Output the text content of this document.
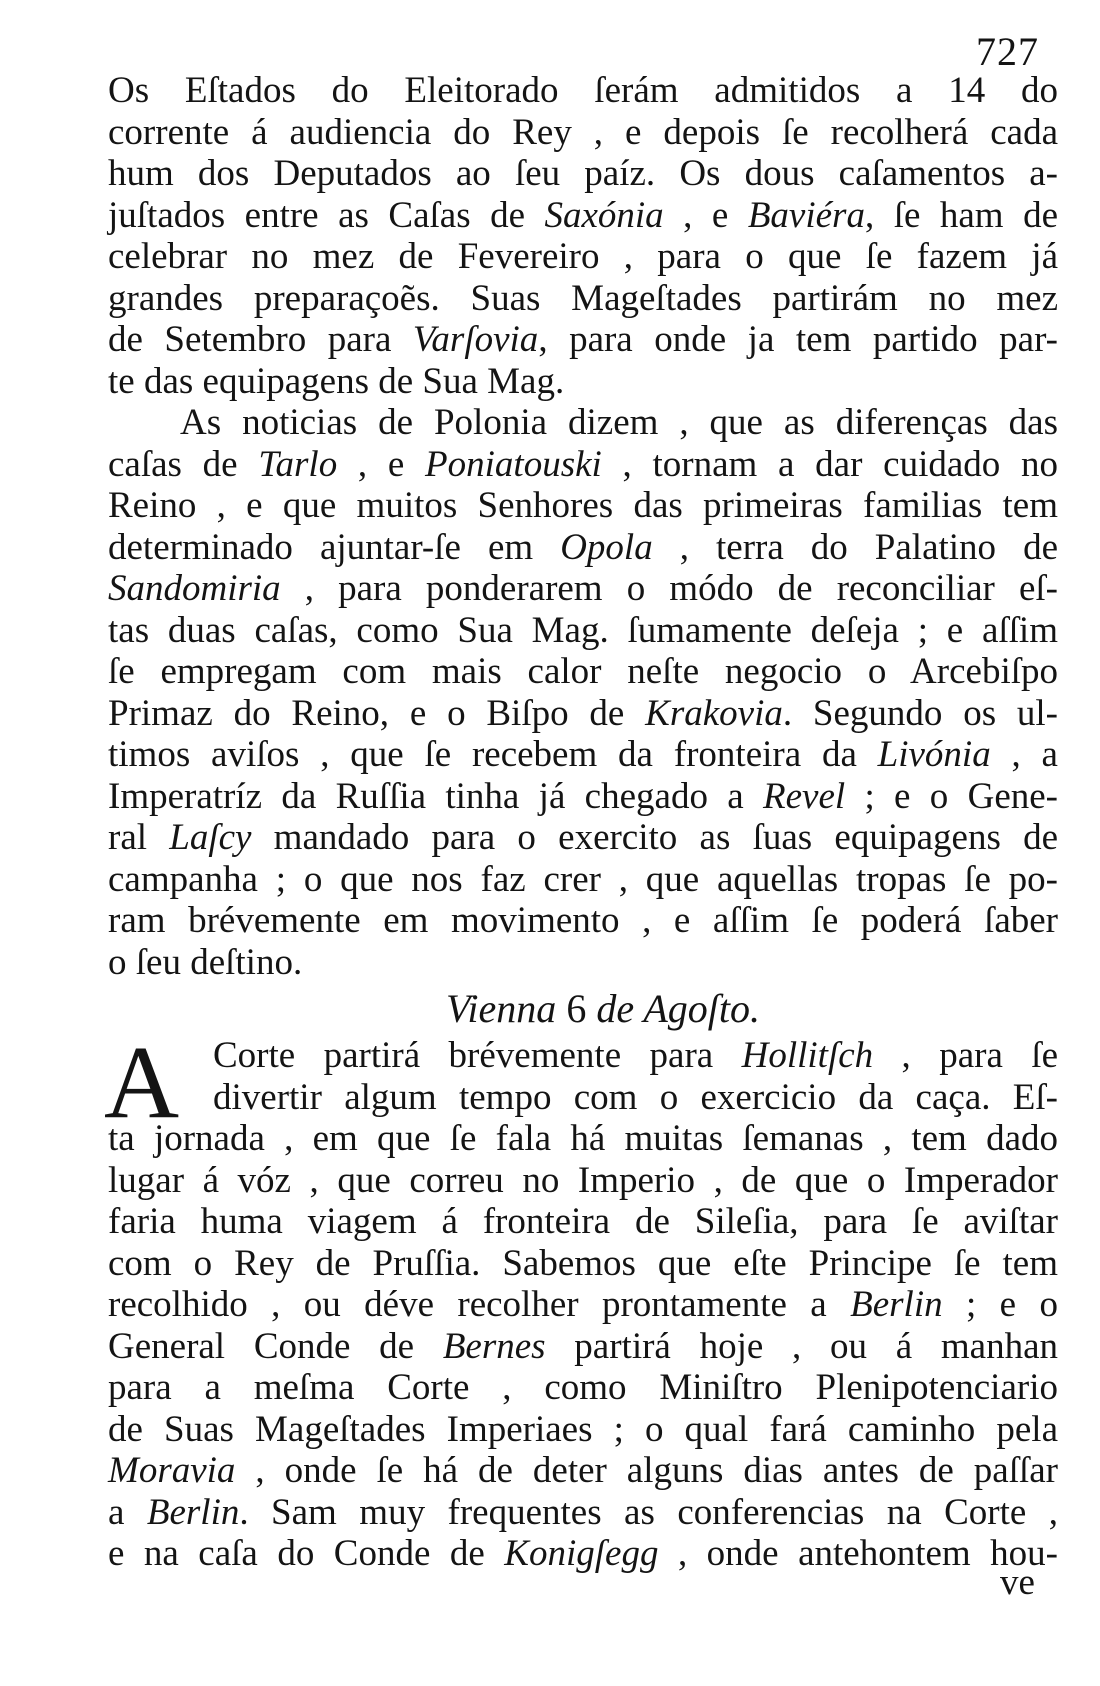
727
Os Eſtados do Eleitorado ſerám admitidos a 14 do
corrente á audiencia do Rey , e depois ſe recolherá cada
hum dos Deputados ao ſeu paíz. Os dous caſamentos a-
juſtados entre as Caſas de Saxónia , e Baviéra, ſe ham de
celebrar no mez de Fevereiro , para o que ſe fazem já
grandes preparaçoẽs. Suas Mageſtades partirám no mez
de Setembro para Varſovia, para onde ja tem partido par-
te das equipagens de Sua Mag.
As noticias de Polonia dizem , que as diferenças das
caſas de Tarlo , e Poniatouski , tornam a dar cuidado no
Reino , e que muitos Senhores das primeiras familias tem
determinado ajuntar-ſe em Opola , terra do Palatino de
Sandomiria , para ponderarem o módo de reconciliar eſ-
tas duas caſas, como Sua Mag. ſumamente deſeja ; e aſſim
ſe empregam com mais calor neſte negocio o Arcebiſpo
Primaz do Reino, e o Biſpo de Krakovia. Segundo os ul-
timos aviſos , que ſe recebem da fronteira da Livónia , a
Imperatríz da Ruſſia tinha já chegado a Revel ; e o Gene-
ral Laſcy mandado para o exercito as ſuas equipagens de
campanha ; o que nos faz crer , que aquellas tropas ſe po-
ram brévemente em movimento , e aſſim ſe poderá ſaber
o ſeu deſtino.
Vienna 6 de Agoſto.
A Corte partirá brévemente para Hollitſch , para ſe
divertir algum tempo com o exercicio da caça. Eſ-
ta jornada , em que ſe fala há muitas ſemanas , tem dado
lugar á vóz , que correu no Imperio , de que o Imperador
faria huma viagem á fronteira de Sileſia, para ſe aviſtar
com o Rey de Pruſſia. Sabemos que eſte Principe ſe tem
recolhido , ou déve recolher prontamente a Berlin ; e o
General Conde de Bernes partirá hoje , ou á manhan
para a meſma Corte , como Miniſtro Plenipotenciario
de Suas Mageſtades Imperiaes ; o qual fará caminho pela
Moravia , onde ſe há de deter alguns dias antes de paſſar
a Berlin. Sam muy frequentes as conferencias na Corte ,
e na caſa do Conde de Konigſegg , onde antehontem hou-
ve
